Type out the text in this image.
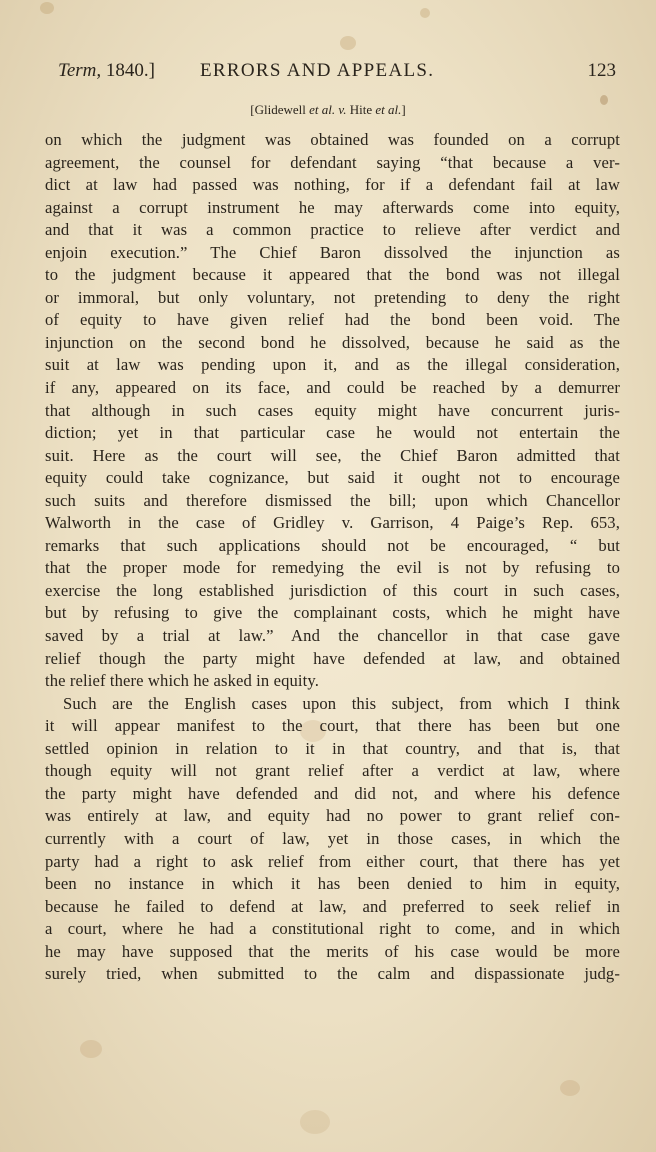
Term, 1840.] ERRORS AND APPEALS.	123
[Glidewell et al. v. Hite et al.]
on which the judgment was obtained was founded on a corrupt
agreement, the counsel for defendant saying “that because a ver-
dict at law had passed was nothing, for if a defendant fail at law
against a corrupt instrument he may afterwards come into equity,
and that it was a common practice to relieve after verdict and
enjoin execution.” The Chief Baron dissolved the injunction as
to the judgment because it appeared that the bond was not illegal
or immoral, but only voluntary, not pretending to deny the right
of equity to have given relief had the bond been void. The
injunction on the second bond he dissolved, because he said as the
suit at law was pending upon it, and as the illegal consideration,
if any, appeared on its face, and could be reached by a demurrer
that although in such cases equity might have concurrent juris-
diction; yet in that particular case he would not entertain the
suit. Here as the court will see, the Chief Baron admitted that
equity could take cognizance, but said it ought not to encourage
such suits and therefore dismissed the bill; upon which Chancellor
Walworth in the case of Gridley v. Garrison, 4 Paige’s Rep. 653,
remarks that such applications should not be encouraged, “ but
that the proper mode for remedying the evil is not by refusing to
exercise the long established jurisdiction of this court in such cases,
but by refusing to give the complainant costs, which he might have
saved by a trial at law.” And the chancellor in that case gave
relief though the party might have defended at law, and obtained
the relief there which he asked in equity.
Such are the English cases upon this subject, from which I think
it will appear manifest to the court, that there has been but one
settled opinion in relation to it in that country, and that is, that
though equity will not grant relief after a verdict at law, where
the party might have defended and did not, and where his defence
was entirely at law, and equity had no power to grant relief con-
currently with a court of law, yet in those cases, in which the
party had a right to ask relief from either court, that there has yet
been no instance in which it has been denied to him in equity,
because he failed to defend at law, and preferred to seek relief in
a court, where he had a constitutional right to come, and in which
he may have supposed that the merits of his case would be more
surely tried, when submitted to the calm and dispassionate judg-
